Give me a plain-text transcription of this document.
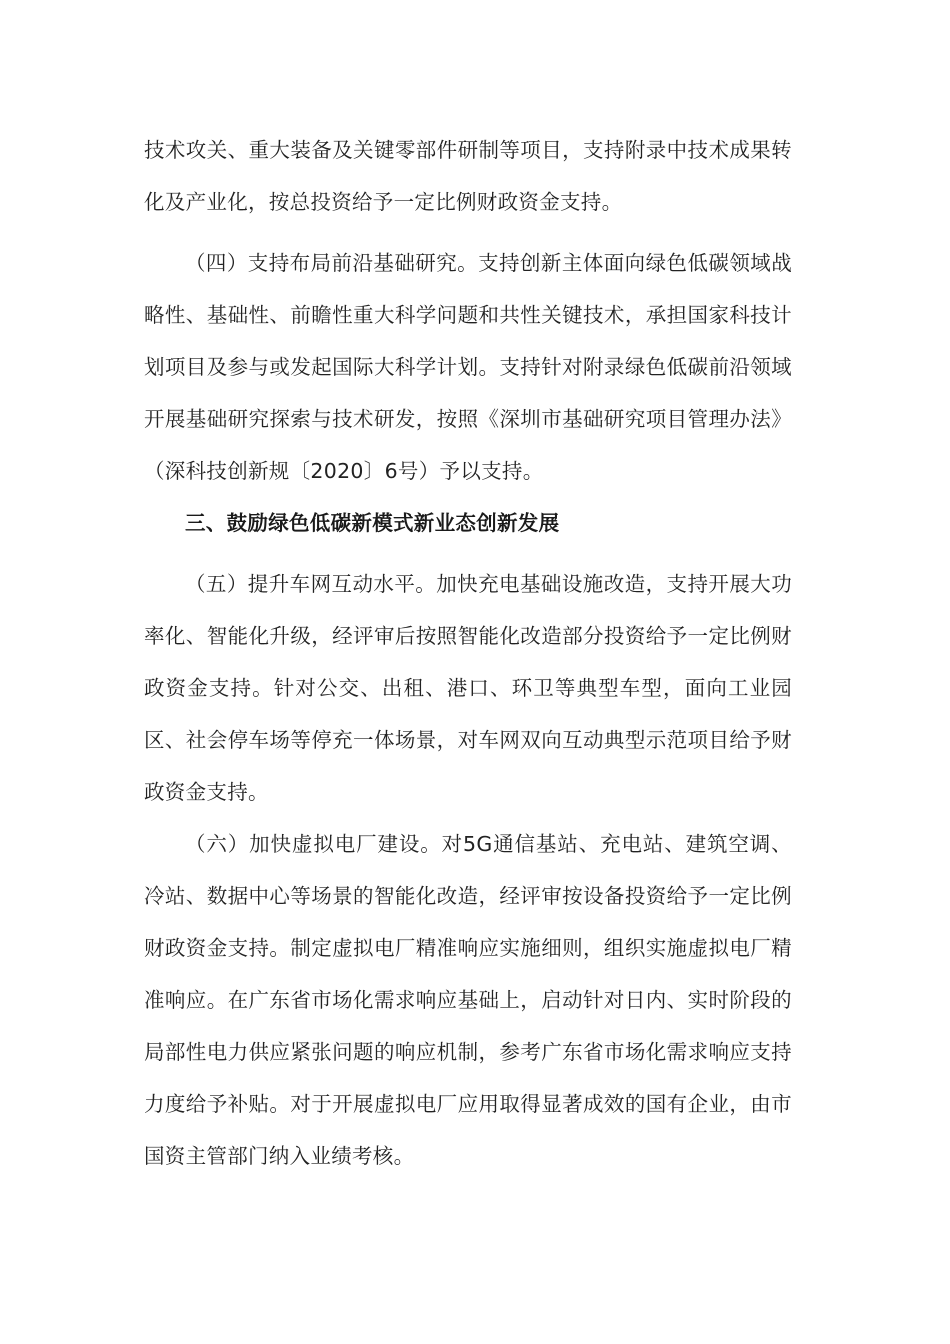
技术攻关、重大装备及关键零部件研制等项目，支持附录中技术成果转化及产业化，按总投资给予一定比例财政资金支持。

（四）支持布局前沿基础研究。支持创新主体面向绿色低碳领域战略性、基础性、前瞻性重大科学问题和共性关键技术，承担国家科技计划项目及参与或发起国际大科学计划。支持针对附录绿色低碳前沿领域开展基础研究探索与技术研发，按照《深圳市基础研究项目管理办法》（深科技创新规〔2020〕6号）予以支持。

三、鼓励绿色低碳新模式新业态创新发展

（五）提升车网互动水平。加快充电基础设施改造，支持开展大功率化、智能化升级，经评审后按照智能化改造部分投资给予一定比例财政资金支持。针对公交、出租、港口、环卫等典型车型，面向工业园区、社会停车场等停充一体场景，对车网双向互动典型示范项目给予财政资金支持。

（六）加快虚拟电厂建设。对5G通信基站、充电站、建筑空调、冷站、数据中心等场景的智能化改造，经评审按设备投资给予一定比例财政资金支持。制定虚拟电厂精准响应实施细则，组织实施虚拟电厂精准响应。在广东省市场化需求响应基础上，启动针对日内、实时阶段的局部性电力供应紧张问题的响应机制，参考广东省市场化需求响应支持力度给予补贴。对于开展虚拟电厂应用取得显著成效的国有企业，由市国资主管部门纳入业绩考核。
